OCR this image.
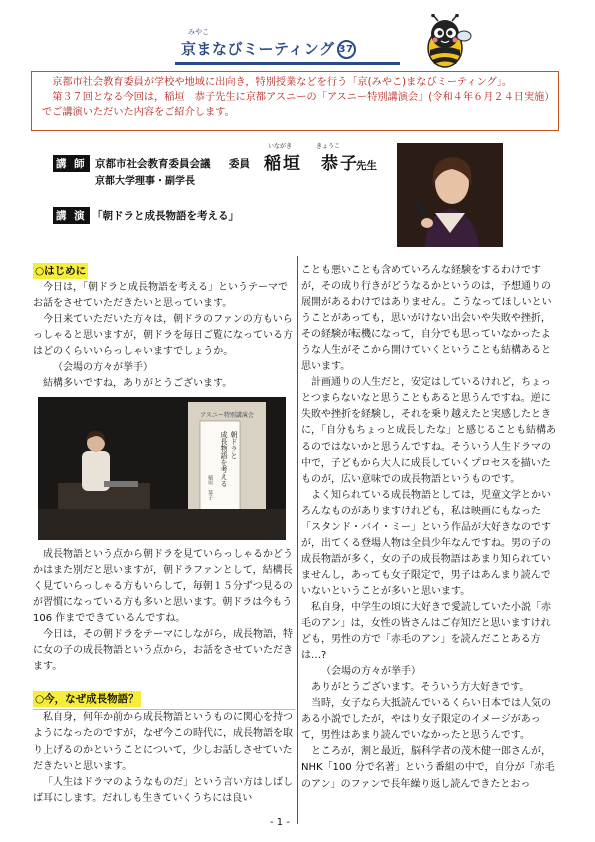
みやこ
京まなびミーティング 37

京都市社会教育委員が学校や地域に出向き，特別授業などを行う「京(みやこ)まなびミーティング」。

第３７回となる今回は，稲垣　恭子先生に京都アスニーの「アスニー特別講演会」(令和４年６月２４日実施）でご講演いただいた内容をご紹介します。

講 師 京都市社会教育委員会議 委員
いながき	きょうこ
稲垣　恭子
先生
京都大学理事・副学長
講 演 「朝ドラと成長物語を考える」
○はじめに

今日は，「朝ドラと成長物語を考える」というテーマでお話をさせていただきたいと思っています。

今日来ていただいた方々は，朝ドラのファンの方もいらっしゃると思いますが，朝ドラを毎日ご覧になっている方はどのくらいいらっしゃいますでしょうか。

（会場の方々が挙手）

結構多いですね，ありがとうございます。

アスニー特別講演会
朝ドラと
成長物語を考える
稲垣　恭子

成長物語という点から朝ドラを見ていらっしゃるかどうかはまた別だと思いますが，朝ドラファンとして，結構長く見ていらっしゃる方もいらして，毎朝１５分ずつ見るのが習慣になっている方も多いと思います。朝ドラは今もう 106 作までできているんですね。

今日は，その朝ドラをテーマにしながら，成長物語，特に女の子の成長物語という点から，お話をさせていただきます。

○今，なぜ成長物語？

私自身，何年か前から成長物語というものに関心を持つようになったのですが，なぜ今この時代に，成長物語を取り上げるのかということについて，少しお話しさせていただきたいと思います。

「人生はドラマのようなものだ」という言い方はしばしば耳にします。だれしも生きていくうちには良い

ことも悪いことも含めていろんな経験をするわけですが，その成り行きがどうなるかというのは，予想通りの展開があるわけではありません。こうなってほしいということがあっても，思いがけない出会いや失敗や挫折，その経験が転機になって，自分でも思っていなかったような人生がそこから開けていくということも結構あると思います。

計画通りの人生だと，安定はしているけれど，ちょっとつまらないなと思うこともあると思うんですね。逆に失敗や挫折を経験し，それを乗り越えたと実感したときに，「自分もちょっと成長したな」と感じることも結構あるのではないかと思うんですね。そういう人生ドラマの中で，子どもから大人に成長していくプロセスを描いたものが，広い意味での成長物語というものです。

よく知られている成長物語としては，児童文学とかいろんなものがありますけれども，私は映画にもなった「スタンド・バイ・ミー」という作品が大好きなのですが，出てくる登場人物は全員少年なんですね。男の子の成長物語が多く，女の子の成長物語はあまり知られていませんし，あっても女子限定で，男子はあんまり読んでいないということが多いと思います。

私自身，中学生の頃に大好きで愛読していた小説「赤毛のアン」は，女性の皆さんはご存知だと思いますけれども，男性の方で「赤毛のアン」を読んだことある方は…?

（会場の方々が挙手）

ありがとうございます。そういう方大好きです。

当時，女子なら大抵読んでいるくらい日本では人気のある小説でしたが，やはり女子限定のイメージがあって，男性はあまり読んでいなかったと思うんです。

ところが，割と最近，脳科学者の茂木健一郎さんが，NHK「100 分で名著」という番組の中で，自分が「赤毛のアン」のファンで長年繰り返し読んできたとおっ

- 1 -
